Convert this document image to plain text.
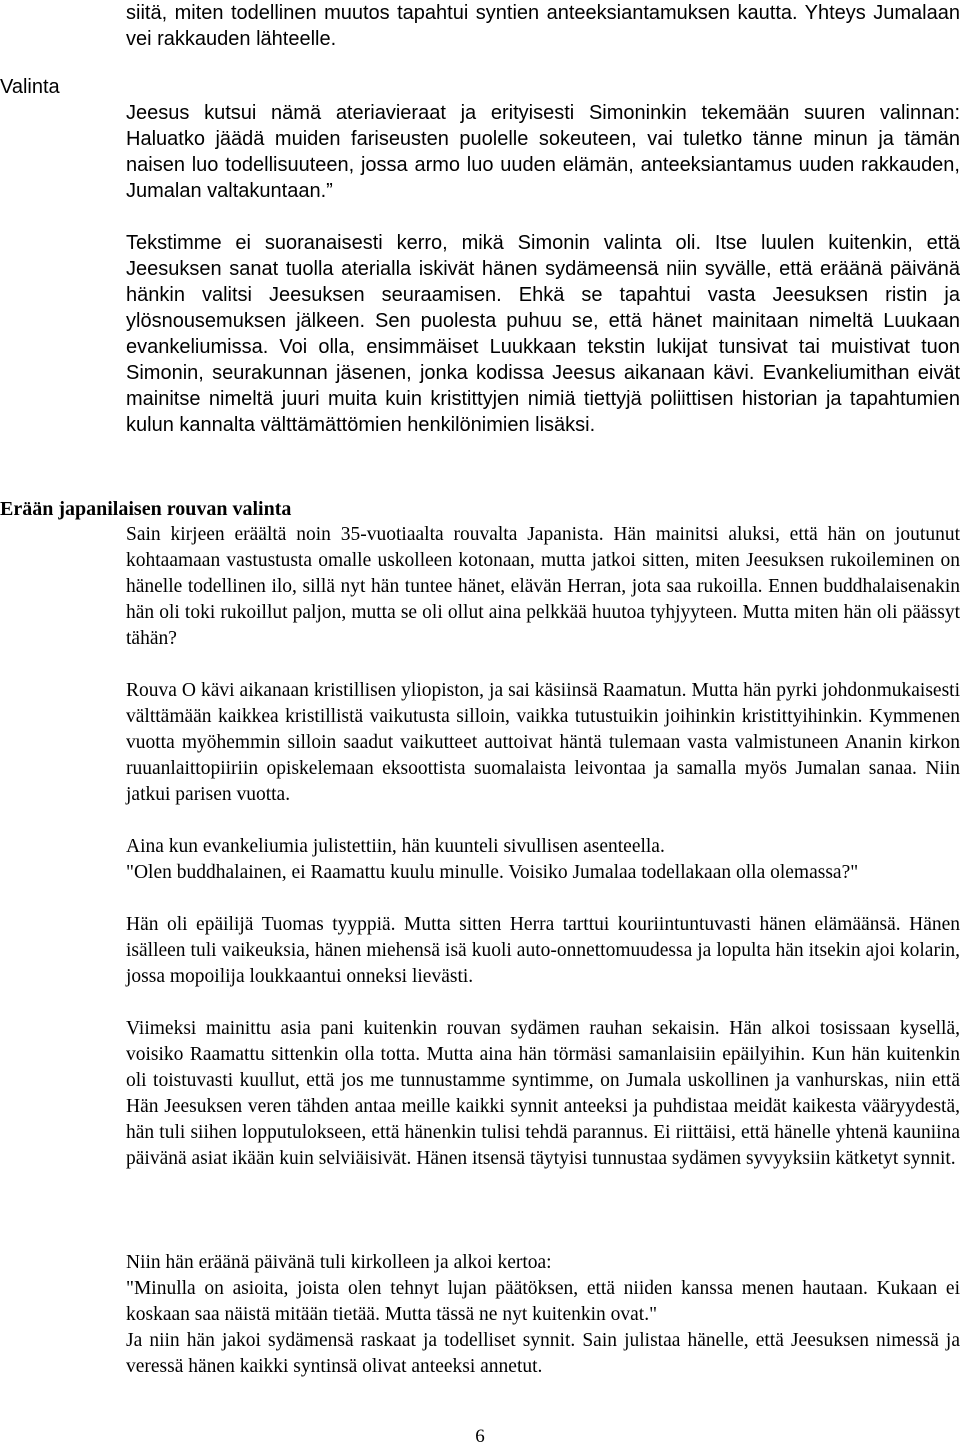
siitä, miten todellinen muutos tapahtui syntien anteeksiantamuksen kautta. Yhteys Jumalaan vei rakkauden lähteelle.

Valinta

Jeesus kutsui nämä ateriavieraat ja erityisesti Simoninkin tekemään suuren valinnan: Haluatko jäädä muiden fariseusten puolelle sokeuteen, vai tuletko tänne minun ja tämän naisen luo todellisuuteen, jossa armo luo uuden elämän, anteeksiantamus uuden rakkauden, Jumalan valtakuntaan.”

Tekstimme ei suoranaisesti kerro, mikä Simonin valinta oli. Itse luulen kuitenkin, että Jeesuksen sanat tuolla aterialla iskivät hänen sydämeensä niin syvälle, että eräänä päivänä hänkin valitsi Jeesuksen seuraamisen. Ehkä se tapahtui vasta Jeesuksen ristin ja ylösnousemuksen jälkeen. Sen puolesta puhuu se, että hänet mainitaan nimeltä Luukaan evankeliumissa. Voi olla, ensimmäiset Luukkaan tekstin lukijat tunsivat tai muistivat tuon Simonin, seurakunnan jäsenen, jonka kodissa Jeesus aikanaan kävi. Evankeliumithan eivät mainitse nimeltä juuri muita kuin kristittyjen nimiä tiettyjä poliittisen historian ja tapahtumien kulun kannalta välttämättömien henkilönimien lisäksi.

Erään japanilaisen rouvan valinta

Sain kirjeen eräältä noin 35-vuotiaalta rouvalta Japanista. Hän mainitsi aluksi, että hän on joutunut kohtaamaan vastustusta omalle uskolleen kotonaan, mutta jatkoi sitten, miten Jeesuksen rukoileminen on hänelle todellinen ilo, sillä nyt hän tuntee hänet, elävän Herran, jota saa rukoilla. Ennen buddhalaisenakin hän oli toki rukoillut paljon, mutta se oli ollut aina pelkkää huutoa tyhjyyteen. Mutta miten hän oli päässyt tähän?

Rouva O kävi aikanaan kristillisen yliopiston, ja sai käsiinsä Raamatun. Mutta hän pyrki johdonmukaisesti välttämään kaikkea kristillistä vaikutusta silloin, vaikka tutustuikin joihinkin kristittyihinkin. Kymmenen vuotta myöhemmin silloin saadut vaikutteet auttoivat häntä tulemaan vasta valmistuneen Ananin kirkon ruuanlaittopiiriin opiskelemaan eksoottista suomalaista leivontaa ja samalla myös Jumalan sanaa. Niin jatkui parisen vuotta.

Aina kun evankeliumia julistettiin, hän kuunteli sivullisen asenteella.

"Olen buddhalainen, ei Raamattu kuulu minulle. Voisiko Jumalaa todellakaan olla olemassa?"

Hän oli epäilijä Tuomas tyyppiä. Mutta sitten Herra tarttui kouriintuntuvasti hänen elämäänsä. Hänen isälleen tuli vaikeuksia, hänen miehensä isä kuoli auto-onnettomuudessa ja lopulta hän itsekin ajoi kolarin, jossa mopoilija loukkaantui onneksi lievästi.

Viimeksi mainittu asia pani kuitenkin rouvan sydämen rauhan sekaisin. Hän alkoi tosissaan kysellä, voisiko Raamattu sittenkin olla totta. Mutta aina hän törmäsi samanlaisiin epäilyihin. Kun hän kuitenkin oli toistuvasti kuullut, että jos me tunnustamme syntimme, on Jumala uskollinen ja vanhurskas, niin että Hän Jeesuksen veren tähden antaa meille kaikki synnit anteeksi ja puhdistaa meidät kaikesta vääryydestä, hän tuli siihen lopputulokseen, että hänenkin tulisi tehdä parannus. Ei riittäisi, että hänelle yhtenä kauniina päivänä asiat ikään kuin selviäisivät. Hänen itsensä täytyisi tunnustaa sydämen syvyyksiin kätketyt synnit.

Niin hän eräänä päivänä tuli kirkolleen ja alkoi kertoa:

"Minulla on asioita, joista olen tehnyt lujan päätöksen, että niiden kanssa menen hautaan. Kukaan ei koskaan saa näistä mitään tietää. Mutta tässä ne nyt kuitenkin ovat."

Ja niin hän jakoi sydämensä raskaat ja todelliset synnit. Sain julistaa hänelle, että Jeesuksen nimessä ja veressä hänen kaikki syntinsä olivat anteeksi annetut.

6
